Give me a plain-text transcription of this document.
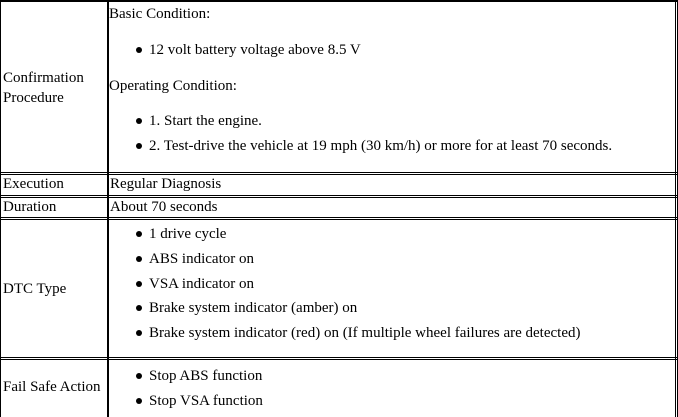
Confirmation
Procedure
Basic Condition:
12 volt battery voltage above 8.5 V
Operating Condition:
1. Start the engine.
2. Test-drive the vehicle at 19 mph (30 km/h) or more for at least 70 seconds.
Execution	Regular Diagnosis
Duration	About 70 seconds
DTC Type
1 drive cycle
ABS indicator on
VSA indicator on
Brake system indicator (amber) on
Brake system indicator (red) on (If multiple wheel failures are detected)
Fail Safe Action
Stop ABS function
Stop VSA function
